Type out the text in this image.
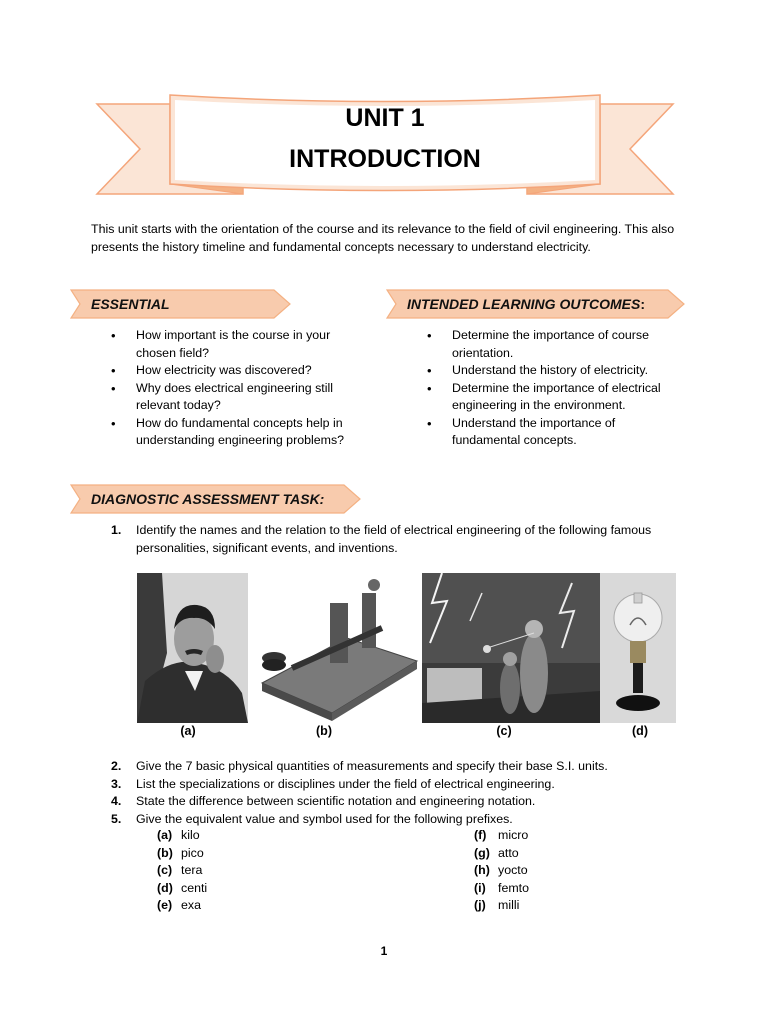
UNIT 1
INTRODUCTION
This unit starts with the orientation of the course and its relevance to the field of civil engineering. This also presents the history timeline and fundamental concepts necessary to understand electricity.
ESSENTIAL	INTENDED LEARNING OUTCOMES:
• How important is the course in your chosen field?
• How electricity was discovered?
• Why does electrical engineering still relevant today?
• How do fundamental concepts help in understanding engineering problems?
• Determine the importance of course orientation.
• Understand the history of electricity.
• Determine the importance of electrical engineering in the environment.
• Understand the importance of fundamental concepts.
DIAGNOSTIC ASSESSMENT TASK:
1. Identify the names and the relation to the field of electrical engineering of the following famous personalities, significant events, and inventions.
(a)	(b)	(c)	(d)
2. Give the 7 basic physical quantities of measurements and specify their base S.I. units.
3. List the specializations or disciplines under the field of electrical engineering.
4. State the difference between scientific notation and engineering notation.
5. Give the equivalent value and symbol used for the following prefixes.
(a) kilo
(b) pico
(c) tera
(d) centi
(e) exa
(f) micro
(g) atto
(h) yocto
(i) femto
(j) milli
1
